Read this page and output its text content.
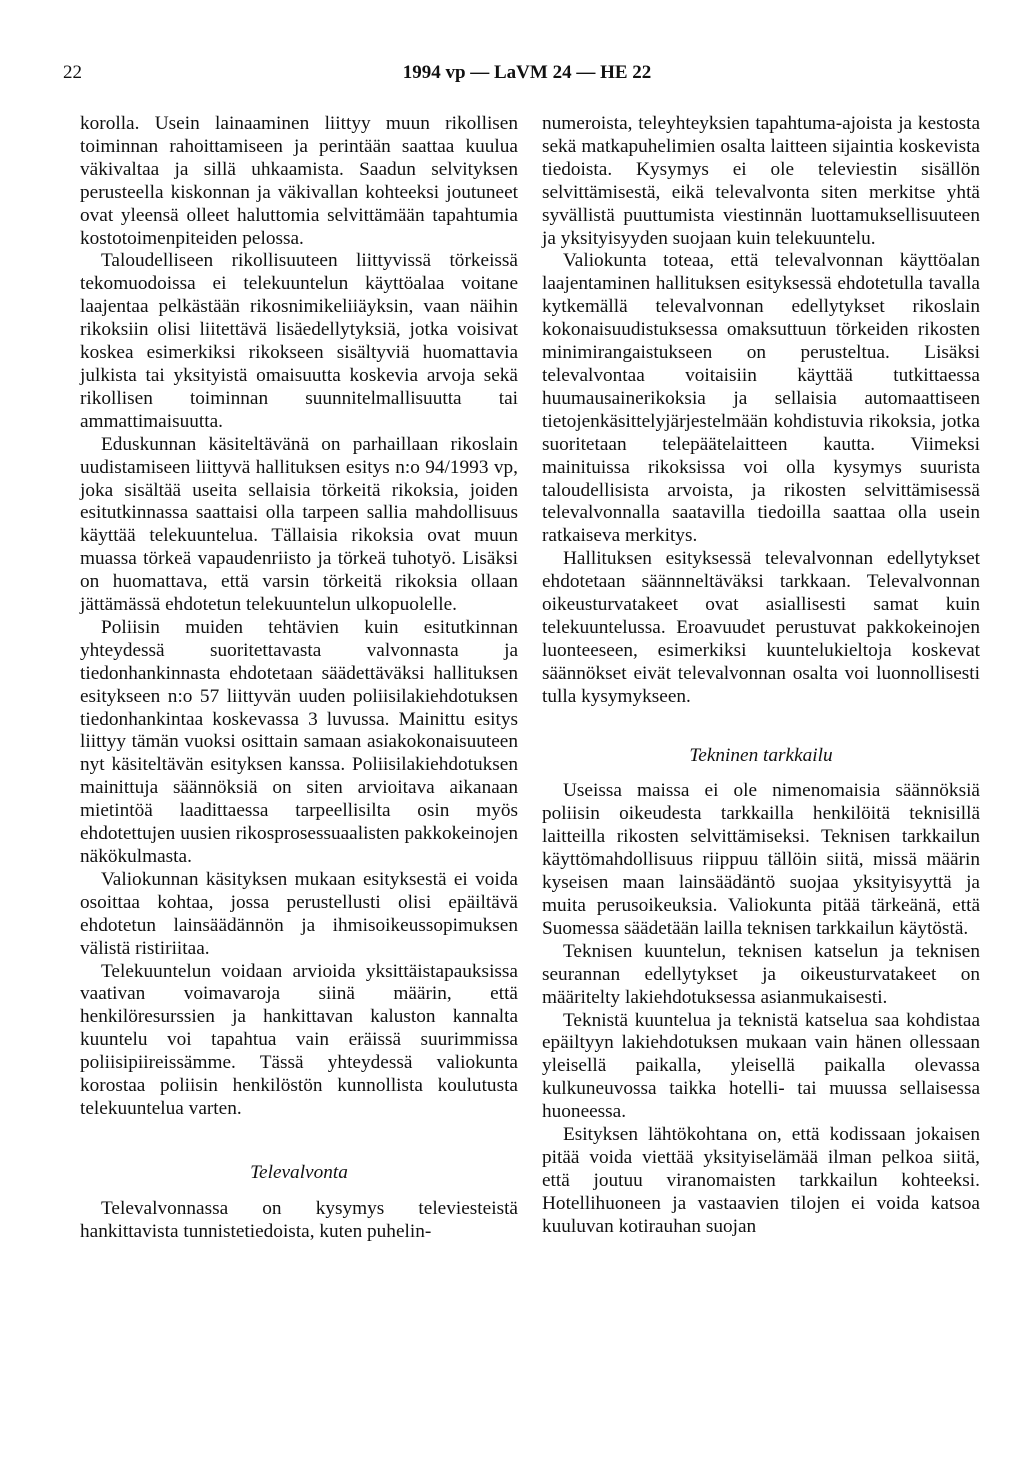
22	1994 vp — LaVM 24 — HE 22

korolla. Usein lainaaminen liittyy muun rikollisen toiminnan rahoittamiseen ja perintään saattaa kuulua väkivaltaa ja sillä uhkaamista. Saadun selvityksen perusteella kiskonnan ja väkivallan kohteeksi joutuneet ovat yleensä olleet haluttomia selvittämään tapahtumia kostotoimenpiteiden pelossa.

Taloudelliseen rikollisuuteen liittyvissä törkeissä tekomuodoissa ei telekuuntelun käyttöalaa voitane laajentaa pelkästään rikosnimikeliiäyksin, vaan näihin rikoksiin olisi liitettävä lisäedellytyksiä, jotka voisivat koskea esimerkiksi rikokseen sisältyviä huomattavia julkista tai yksityistä omaisuutta koskevia arvoja sekä rikollisen toiminnan suunnitelmallisuutta tai ammattimaisuutta.

Eduskunnan käsiteltävänä on parhaillaan rikoslain uudistamiseen liittyvä hallituksen esitys n:o 94/1993 vp, joka sisältää useita sellaisia törkeitä rikoksia, joiden esitutkinnassa saattaisi olla tarpeen sallia mahdollisuus käyttää telekuuntelua. Tällaisia rikoksia ovat muun muassa törkeä vapaudenriisto ja törkeä tuhotyö. Lisäksi on huomattava, että varsin törkeitä rikoksia ollaan jättämässä ehdotetun telekuuntelun ulkopuolelle.

Poliisin muiden tehtävien kuin esitutkinnan yhteydessä suoritettavasta valvonnasta ja tiedonhankinnasta ehdotetaan säädettäväksi hallituksen esitykseen n:o 57 liittyvän uuden poliisilakiehdotuksen tiedonhankintaa koskevassa 3 luvussa. Mainittu esitys liittyy tämän vuoksi osittain samaan asiakokonaisuuteen nyt käsiteltävän esityksen kanssa. Poliisilakiehdotuksen mainittuja säännöksiä on siten arvioitava aikanaan mietintöä laadittaessa tarpeellisilta osin myös ehdotettujen uusien rikosprosessuaalisten pakkokeinojen näkökulmasta.

Valiokunnan käsityksen mukaan esityksestä ei voida osoittaa kohtaa, jossa perustellusti olisi epäiltävä ehdotetun lainsäädännön ja ihmisoikeussopimuksen välistä ristiriitaa.

Telekuuntelun voidaan arvioida yksittäistapauksissa vaativan voimavaroja siinä määrin, että henkilöresurssien ja hankittavan kaluston kannalta kuuntelu voi tapahtua vain eräissä suurimmissa poliisipiireissämme. Tässä yhteydessä valiokunta korostaa poliisin henkilöstön kunnollista koulutusta telekuuntelua varten.

Televalvonta

Televalvonnassa on kysymys televiesteistä hankittavista tunnistetiedoista, kuten puhelin-

numeroista, teleyhteyksien tapahtuma-ajoista ja kestosta sekä matkapuhelimien osalta laitteen sijaintia koskevista tiedoista. Kysymys ei ole televiestin sisällön selvittämisestä, eikä televalvonta siten merkitse yhtä syvällistä puuttumista viestinnän luottamuksellisuuteen ja yksityisyyden suojaan kuin telekuuntelu.

Valiokunta toteaa, että televalvonnan käyttöalan laajentaminen hallituksen esityksessä ehdotetulla tavalla kytkemällä televalvonnan edellytykset rikoslain kokonaisuudistuksessa omaksuttuun törkeiden rikosten minimirangaistukseen on perusteltua. Lisäksi televalvontaa voitaisiin käyttää tutkittaessa huumausainerikoksia ja sellaisia automaattiseen tietojenkäsittelyjärjestelmään kohdistuvia rikoksia, jotka suoritetaan telepäätelaitteen kautta. Viimeksi mainituissa rikoksissa voi olla kysymys suurista taloudellisista arvoista, ja rikosten selvittämisessä televalvonnalla saatavilla tiedoilla saattaa olla usein ratkaiseva merkitys.

Hallituksen esityksessä televalvonnan edellytykset ehdotetaan säännneltäväksi tarkkaan. Televalvonnan oikeusturvatakeet ovat asiallisesti samat kuin telekuuntelussa. Eroavuudet perustuvat pakkokeinojen luonteeseen, esimerkiksi kuuntelukieltoja koskevat säännökset eivät televalvonnan osalta voi luonnollisesti tulla kysymykseen.

Tekninen tarkkailu

Useissa maissa ei ole nimenomaisia säännöksiä poliisin oikeudesta tarkkailla henkilöitä teknisillä laitteilla rikosten selvittämiseksi. Teknisen tarkkailun käyttömahdollisuus riippuu tällöin siitä, missä määrin kyseisen maan lainsäädäntö suojaa yksityisyyttä ja muita perusoikeuksia. Valiokunta pitää tärkeänä, että Suomessa säädetään lailla teknisen tarkkailun käytöstä.

Teknisen kuuntelun, teknisen katselun ja teknisen seurannan edellytykset ja oikeusturvatakeet on määritelty lakiehdotuksessa asianmukaisesti.

Teknistä kuuntelua ja teknistä katselua saa kohdistaa epäiltyyn lakiehdotuksen mukaan vain hänen ollessaan yleisellä paikalla, yleisellä paikalla olevassa kulkuneuvossa taikka hotelli- tai muussa sellaisessa huoneessa.

Esityksen lähtökohtana on, että kodissaan jokaisen pitää voida viettää yksityiselämää ilman pelkoa siitä, että joutuu viranomaisten tarkkailun kohteeksi. Hotellihuoneen ja vastaavien tilojen ei voida katsoa kuuluvan kotirauhan suojan
